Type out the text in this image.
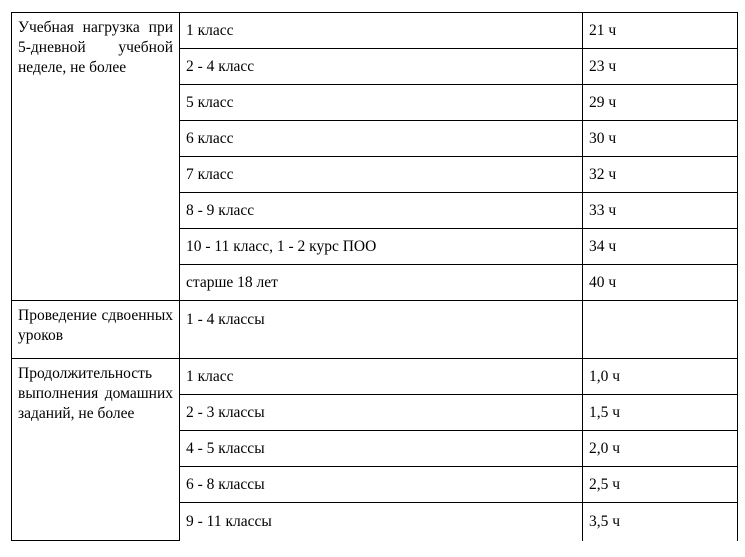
Учебная нагрузка при 5-дневной учебной неделе, не более	1 класс	21 ч
	2 - 4 класс	23 ч
	5 класс	29 ч
	6 класс	30 ч
	7 класс	32 ч
	8 - 9 класс	33 ч
	10 - 11 класс, 1 - 2 курс ПОО	34 ч
	старше 18 лет	40 ч
Проведение сдвоенных уроков	1 - 4 классы	
Продолжительность выполнения домашних заданий, не более	1 класс	1,0 ч
	2 - 3 классы	1,5 ч
	4 - 5 классы	2,0 ч
	6 - 8 классы	2,5 ч
	9 - 11 классы	3,5 ч
